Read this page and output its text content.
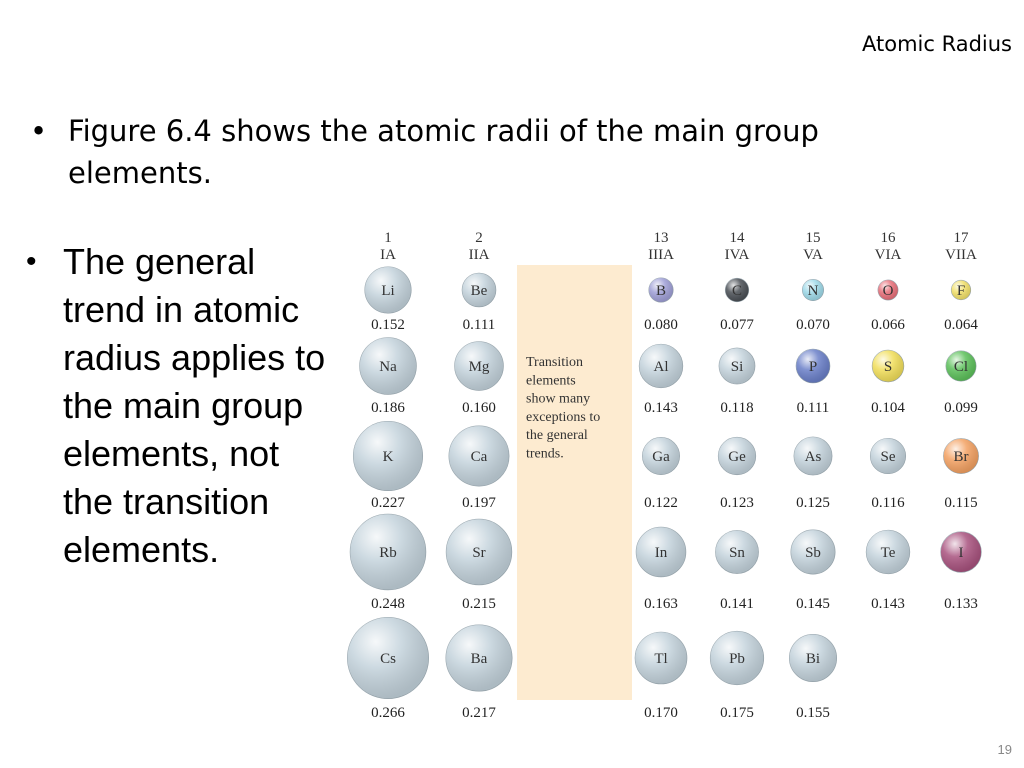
Atomic Radius
• Figure 6.4 shows the atomic radii of the main group elements.
• The general trend in atomic radius applies to the main group elements, not the transition elements.
Transition
elements
show many
exceptions to
the general
trends.
1
IA
2
IIA
13
IIIA
14
IVA
15
VA
16
VIA
17
VIIA
Li
0.152
Be
0.111
B
0.080
C
0.077
N
0.070
O
0.066
F
0.064
Na
0.186
Mg
0.160
Al
0.143
Si
0.118
P
0.111
S
0.104
Cl
0.099
K
0.227
Ca
0.197
Ga
0.122
Ge
0.123
As
0.125
Se
0.116
Br
0.115
Rb
0.248
Sr
0.215
In
0.163
Sn
0.141
Sb
0.145
Te
0.143
I
0.133
Cs
0.266
Ba
0.217
Tl
0.170
Pb
0.175
Bi
0.155
19
